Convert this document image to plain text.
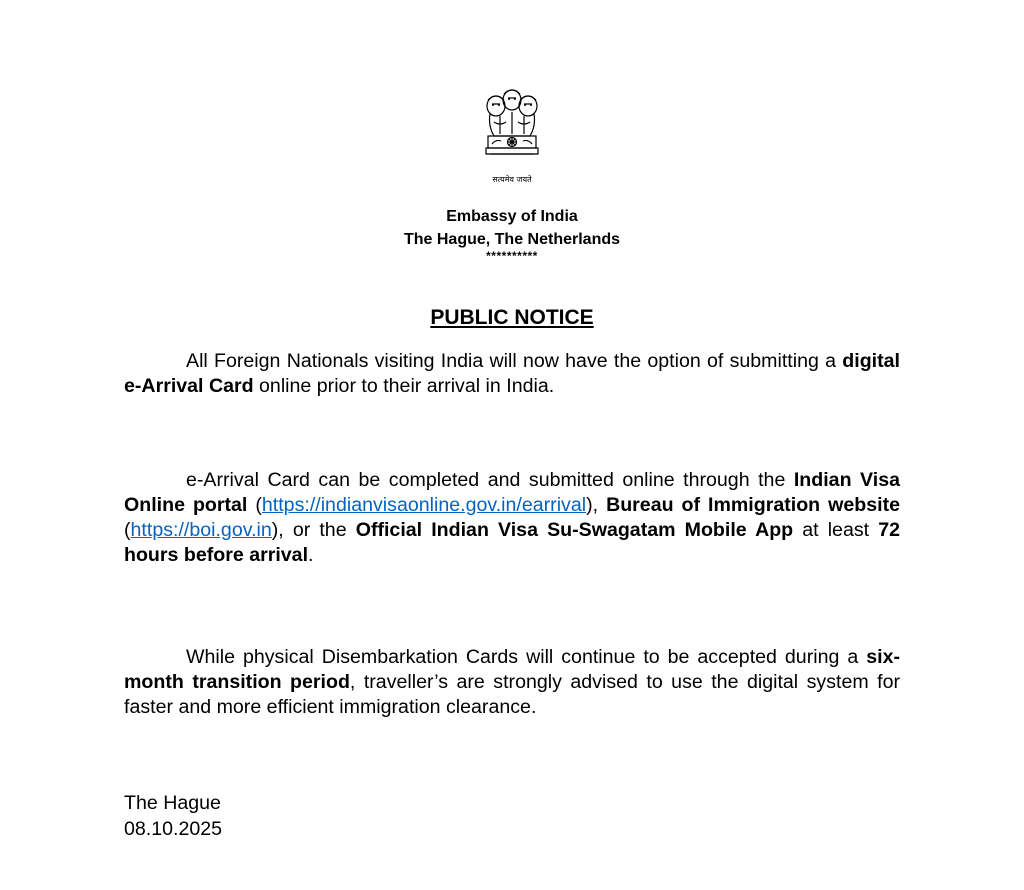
सत्यमेव जयते
Embassy of India
The Hague, The Netherlands
**********
PUBLIC NOTICE

All Foreign Nationals visiting India will now have the option of submitting a digital e-Arrival Card online prior to their arrival in India.

e-Arrival Card can be completed and submitted online through the Indian Visa Online portal (https://indianvisaonline.gov.in/earrival), Bureau of Immigration website (https://boi.gov.in), or the Official Indian Visa Su-Swagatam Mobile App at least 72 hours before arrival.

While physical Disembarkation Cards will continue to be accepted during a six-month transition period, traveller’s are strongly advised to use the digital system for faster and more efficient immigration clearance.

The Hague
08.10.2025
